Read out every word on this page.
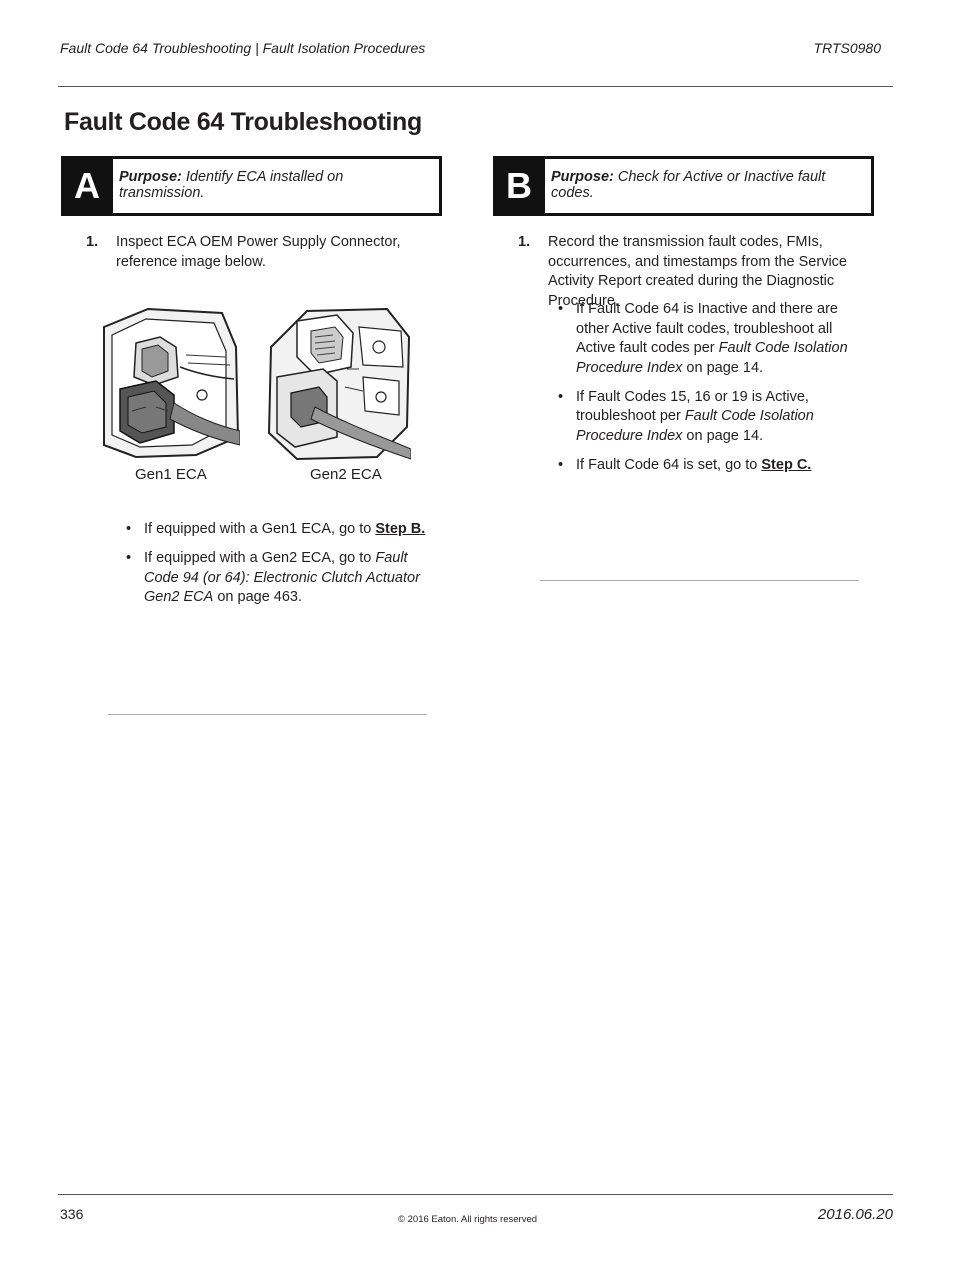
Fault Code 64 Troubleshooting | Fault Isolation Procedures	TRTS0980
Fault Code 64 Troubleshooting
A	Purpose: Identify ECA installed on transmission.
1. Inspect ECA OEM Power Supply Connector,
reference image below.
Gen1 ECA	Gen2 ECA
• If equipped with a Gen1 ECA, go to Step B.
• If equipped with a Gen2 ECA, go to Fault Code 94 (or 64): Electronic Clutch Actuator Gen2 ECA on page 463.
B	Purpose: Check for Active or Inactive fault codes.
1. Record the transmission fault codes, FMIs, occurrences, and timestamps from the Service Activity Report created during the Diagnostic Procedure.
• If Fault Code 64 is Inactive and there are other Active fault codes, troubleshoot all Active fault codes per Fault Code Isolation Procedure Index on page 14.
• If Fault Codes 15, 16 or 19 is Active, troubleshoot per Fault Code Isolation Procedure Index on page 14.
• If Fault Code 64 is set, go to Step C.
336	© 2016 Eaton. All rights reserved	2016.06.20
